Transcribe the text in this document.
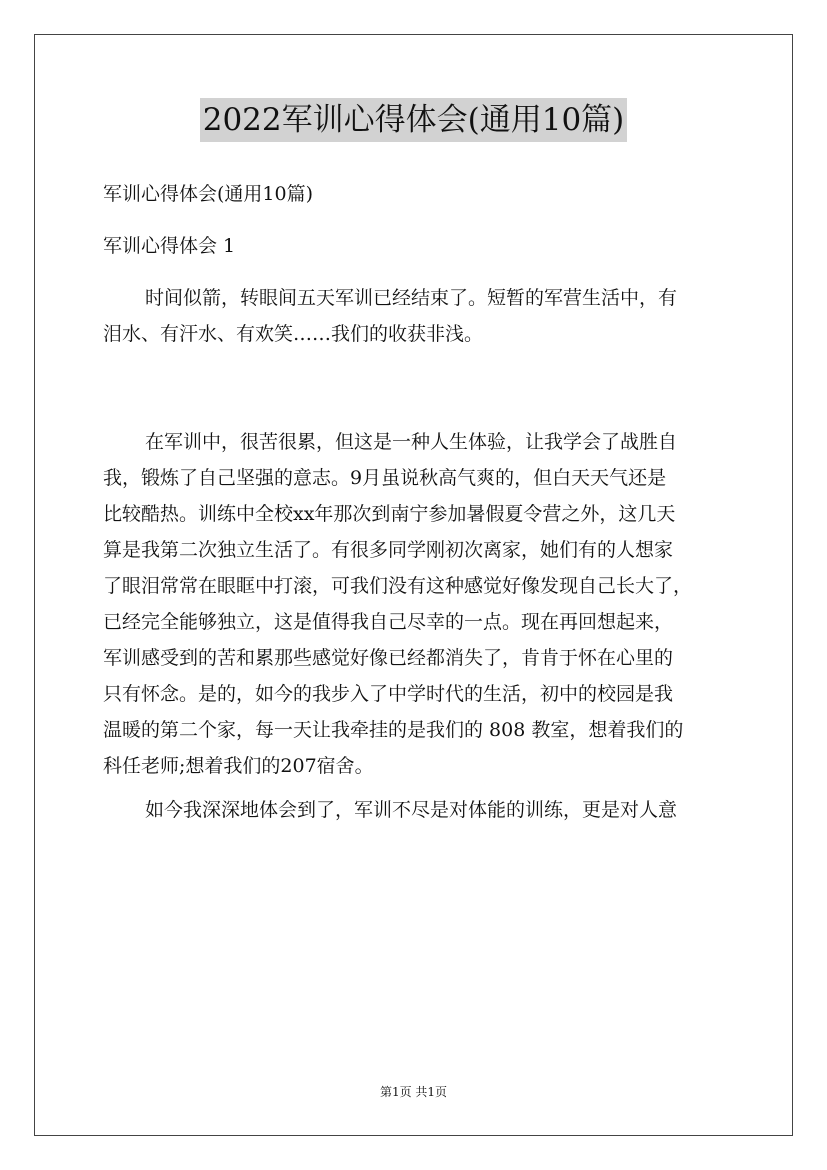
2022军训心得体会(通用10篇)
军训心得体会(通用10篇)
军训心得体会 1
时间似箭，转眼间五天军训已经结束了。短暂的军营生活中，有
泪水、有汗水、有欢笑……我们的收获非浅。
在军训中，很苦很累，但这是一种人生体验，让我学会了战胜自
我，锻炼了自己坚强的意志。9月虽说秋高气爽的，但白天天气还是
比较酷热。训练中全校xx年那次到南宁参加暑假夏令营之外，这几天
算是我第二次独立生活了。有很多同学刚初次离家，她们有的人想家
了眼泪常常在眼眶中打滚，可我们没有这种感觉好像发现自己长大了，
已经完全能够独立，这是值得我自己尽幸的一点。现在再回想起来，
军训感受到的苦和累那些感觉好像已经都消失了，肯肯于怀在心里的
只有怀念。是的，如今的我步入了中学时代的生活，初中的校园是我
温暖的第二个家，每一天让我牵挂的是我们的 808 教室，想着我们的
科任老师;想着我们的207宿舍。
如今我深深地体会到了，军训不尽是对体能的训练，更是对人意
第1页 共1页
